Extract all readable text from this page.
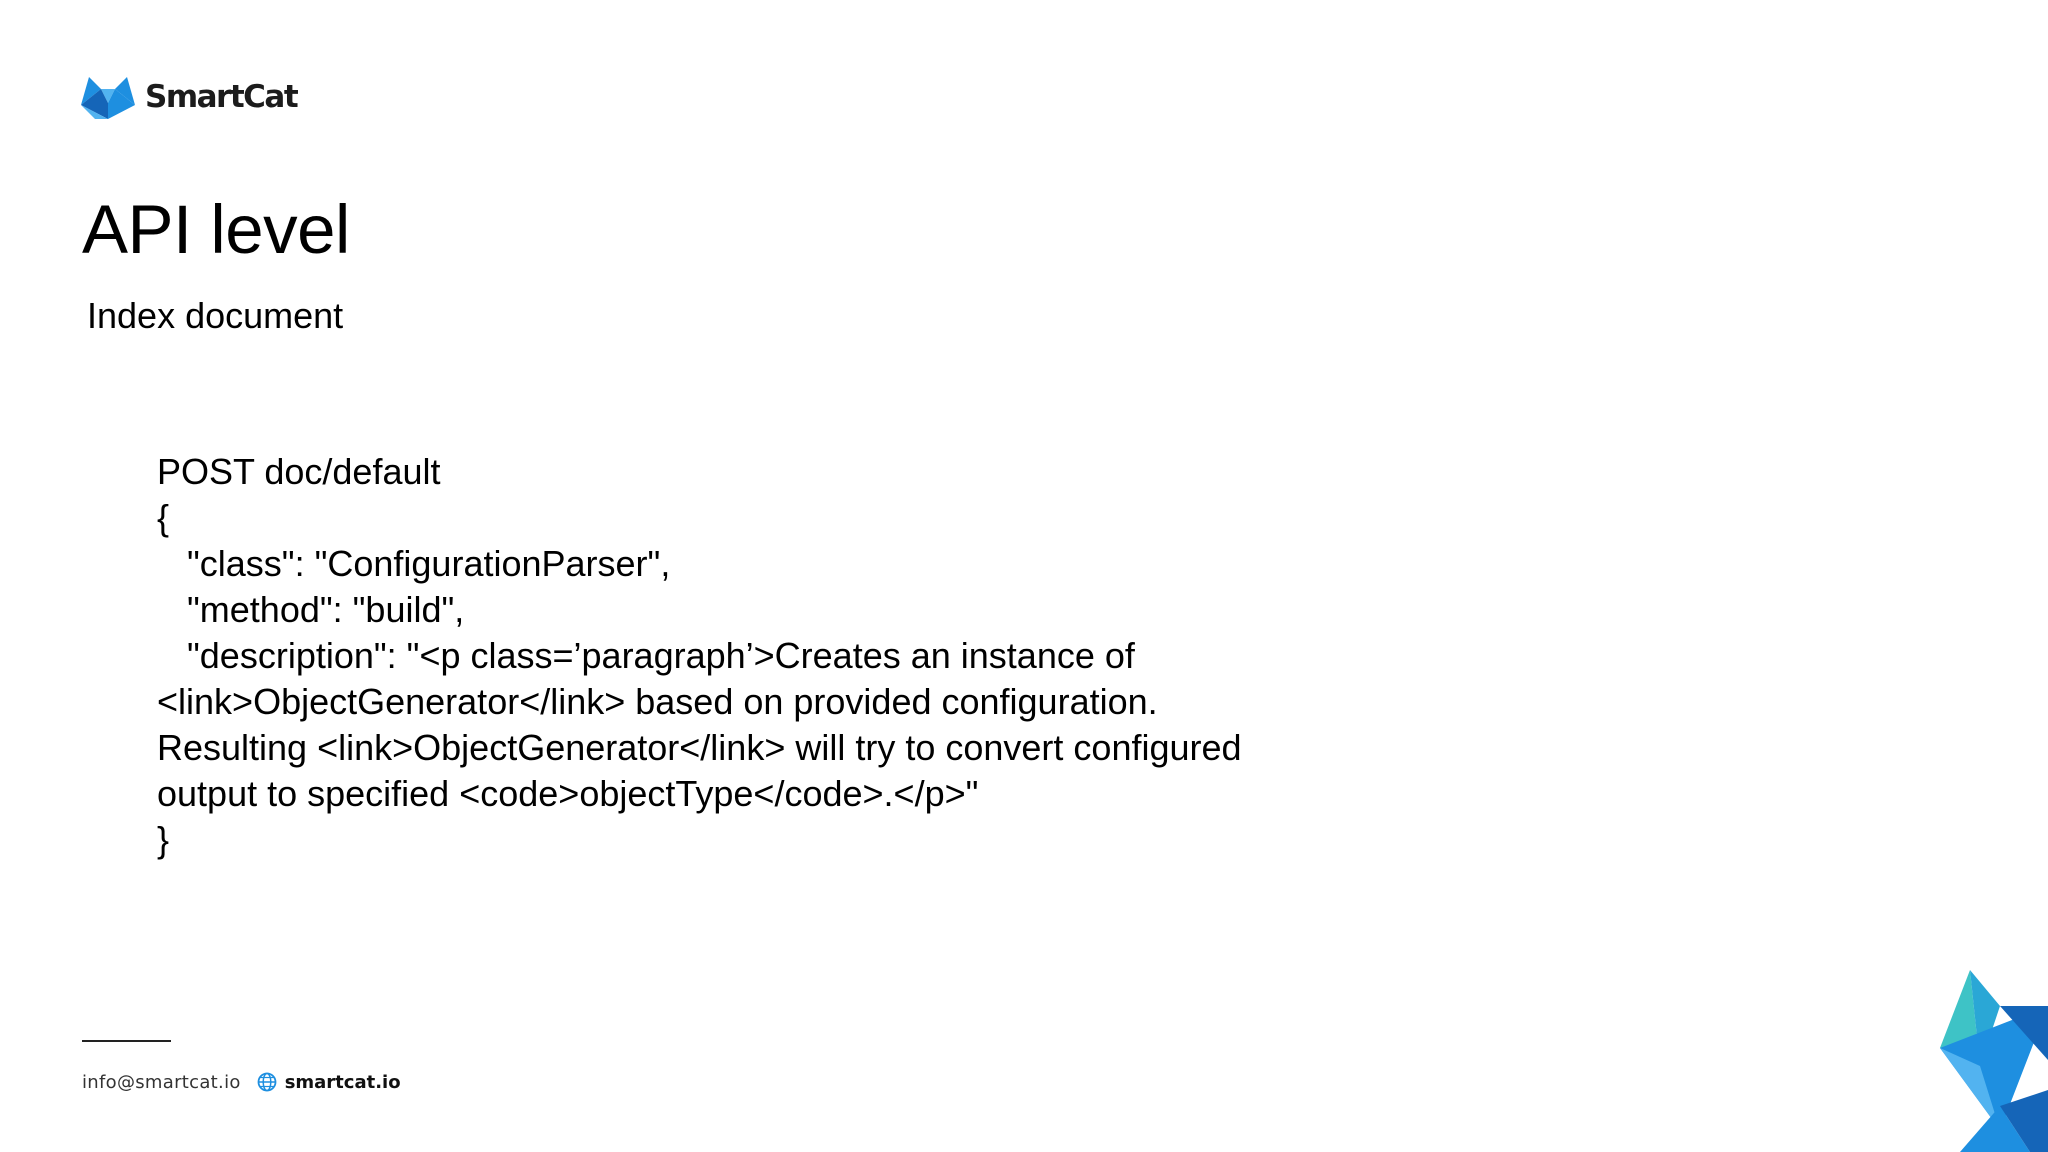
SmartCat
API level
Index document
POST doc/default
{
"class": "ConfigurationParser",
"method": "build",
"description": "<p class=’paragraph’>Creates an instance of
<link>ObjectGenerator</link> based on provided configuration.
Resulting <link>ObjectGenerator</link> will try to convert configured
output to specified <code>objectType</code>.</p>"
}
info@smartcat.io smartcat.io
